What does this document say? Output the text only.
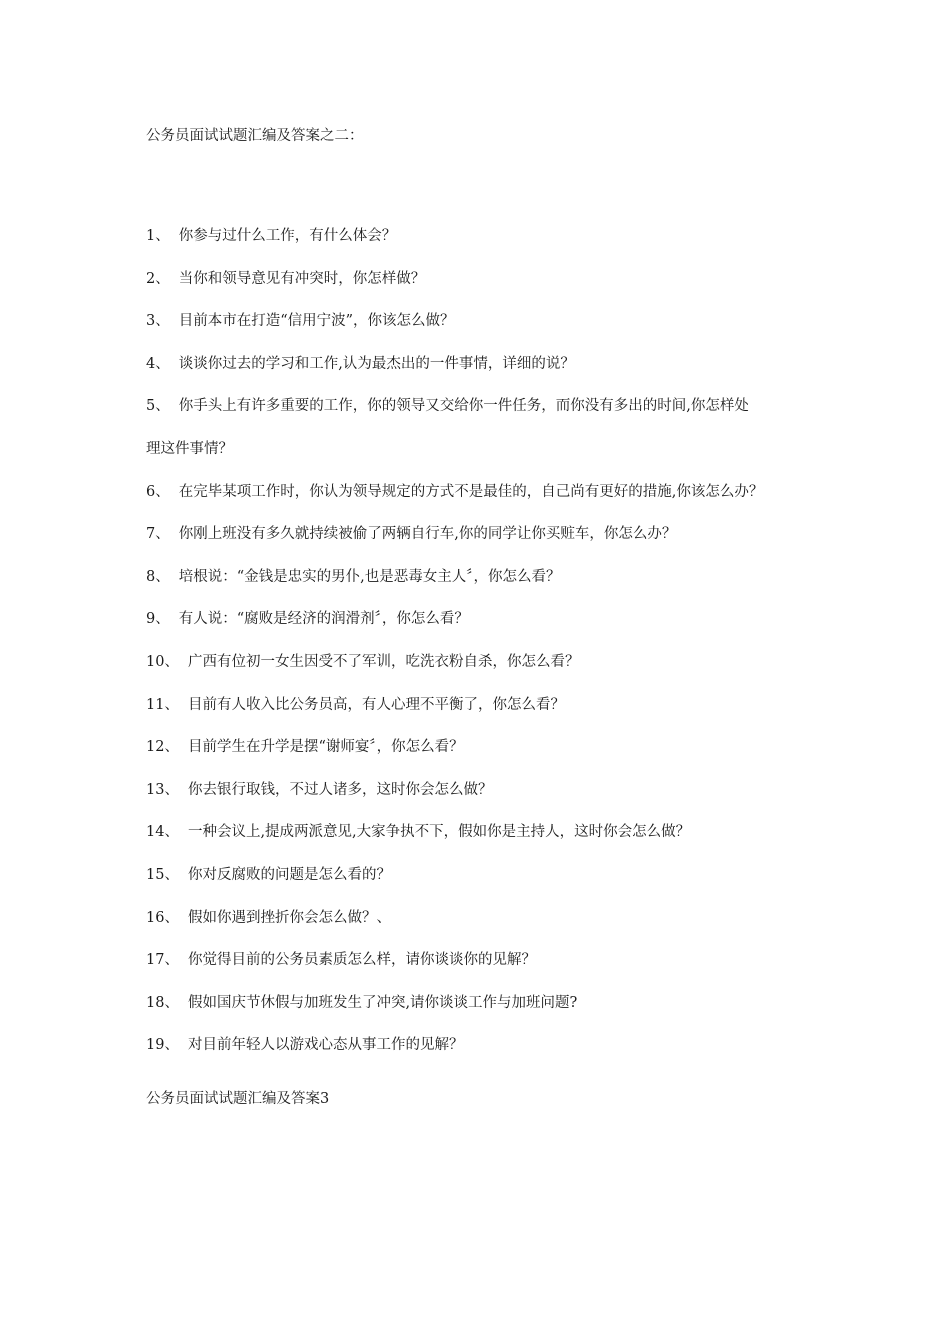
公务员面试试题汇编及答案之二：
1、 你参与过什么工作，有什么体会？
2、 当你和领导意见有冲突时，你怎样做？
3、 目前本市在打造“信用宁波”，你该怎么做？
4、 谈谈你过去的学习和工作,认为最杰出的一件事情，详细的说？
5、 你手头上有许多重要的工作，你的领导又交给你一件任务，而你没有多出的时间,你怎样处
理这件事情？
6、 在完毕某项工作时，你认为领导规定的方式不是最佳的，自己尚有更好的措施,你该怎么办？
7、 你刚上班没有多久就持续被偷了两辆自行车,你的同学让你买赃车，你怎么办？
8、 培根说：“金钱是忠实的男仆,也是恶毒女主人〞，你怎么看？
9、 有人说：“腐败是经济的润滑剂〞，你怎么看？
10、 广西有位初一女生因受不了军训，吃洗衣粉自杀，你怎么看？
11、 目前有人收入比公务员高，有人心理不平衡了，你怎么看？
12、 目前学生在升学是摆“谢师宴〞，你怎么看？
13、 你去银行取钱，不过人诸多，这时你会怎么做？
14、 一种会议上,提成两派意见,大家争执不下，假如你是主持人，这时你会怎么做？
15、 你对反腐败的问题是怎么看的？
16、 假如你遇到挫折你会怎么做？、
17、 你觉得目前的公务员素质怎么样，请你谈谈你的见解？
18、 假如国庆节休假与加班发生了冲突,请你谈谈工作与加班问题?
19、 对目前年轻人以游戏心态从事工作的见解？
公务员面试试题汇编及答案3
